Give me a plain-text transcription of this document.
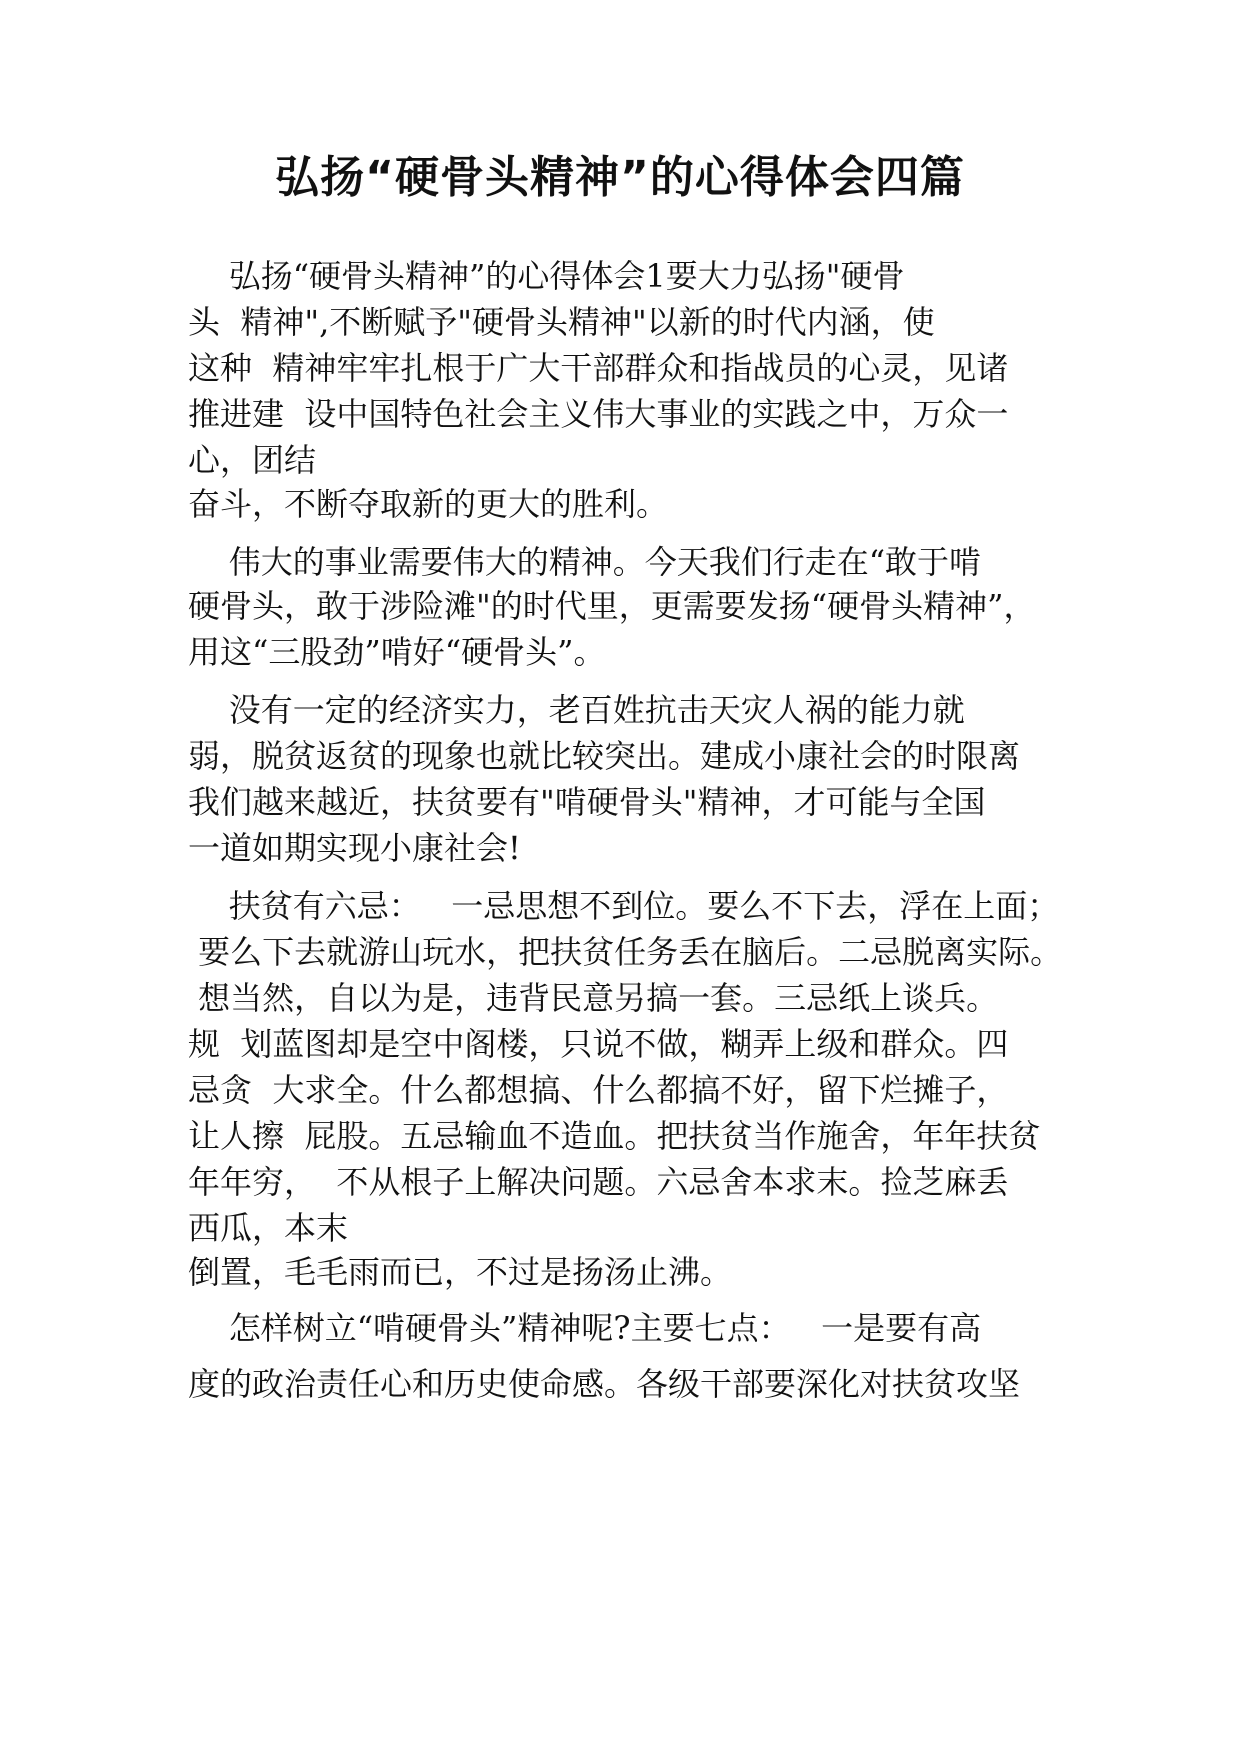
弘扬“硬骨头精神”的心得体会四篇
弘扬“硬骨头精神”的心得体会1要大力弘扬"硬骨
头  精神",不断赋予"硬骨头精神"以新的时代内涵，使
这种  精神牢牢扎根于广大干部群众和指战员的心灵，见诸
推进建  设中国特色社会主义伟大事业的实践之中，万众一
心，团结
奋斗，不断夺取新的更大的胜利。
伟大的事业需要伟大的精神。今天我们行走在“敢于啃
硬骨头，敢于涉险滩"的时代里，更需要发扬“硬骨头精神”，
用这“三股劲”啃好“硬骨头”。
没有一定的经济实力，老百姓抗击天灾人祸的能力就
弱，脱贫返贫的现象也就比较突出。建成小康社会的时限离
我们越来越近，扶贫要有"啃硬骨头"精神，才可能与全国
一道如期实现小康社会!
扶贫有六忌：   一忌思想不到位。要么不下去，浮在上面；
要么下去就游山玩水，把扶贫任务丢在脑后。二忌脱离实际。
想当然，自以为是，违背民意另搞一套。三忌纸上谈兵。
规  划蓝图却是空中阁楼，只说不做，糊弄上级和群众。四
忌贪  大求全。什么都想搞、什么都搞不好，留下烂摊子，
让人擦  屁股。五忌输血不造血。把扶贫当作施舍，年年扶贫
年年穷，  不从根子上解决问题。六忌舍本求末。捡芝麻丢
西瓜，本末
倒置，毛毛雨而已，不过是扬汤止沸。
怎样树立“啃硬骨头”精神呢?主要七点：   一是要有高
度的政治责任心和历史使命感。各级干部要深化对扶贫攻坚
